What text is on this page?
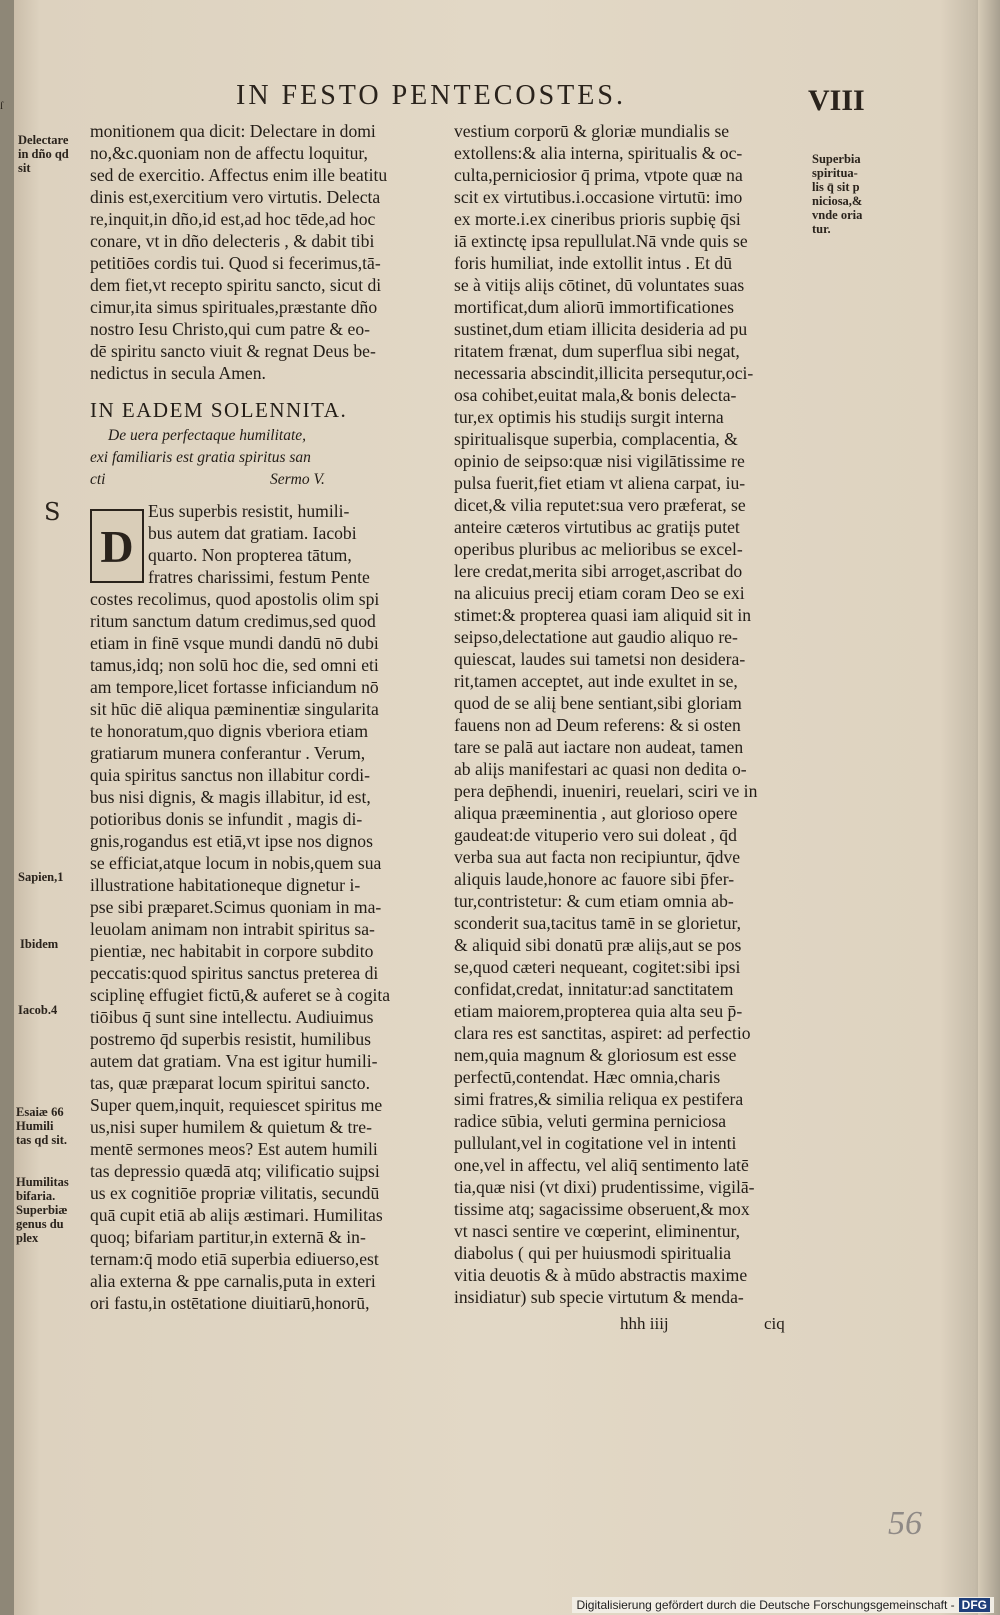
ſ	IN FESTO PENTECOSTES.	VIII
Delectare
in dño qd
sit
S
Sapien,1
Ibidem
Iacob.4
Esaiæ 66
Humili
tas qd sit.
Humilitas
bifaria.
Superbiæ
genus du
plex
monitionem qua dicit: Delectare in domi
no,&c.quoniam non de affectu loquitur,
sed de exercitio. Affectus enim ille beatitu
dinis est,exercitium vero virtutis. Delecta
re,inquit,in dño,id est,ad hoc tēde,ad hoc
conare, vt in dño delecteris , & dabit tibi
petitiōes cordis tui. Quod si fecerimus,tā-
dem fiet,vt recepto spiritu sancto, sicut di
cimur,ita simus spirituales,præstante dño
nostro Iesu Christo,qui cum patre & eo-
dē spiritu sancto viuit & regnat Deus be-
nedictus in secula Amen.
IN EADEM SOLENNITA.
De uera perfectaque humilitate,
exi familiaris est gratia spiritus san
cti	Sermo V.
D
Eus superbis resistit, humili-
bus autem dat gratiam. Iacobi
quarto. Non propterea tātum,
fratres charissimi, festum Pente
costes recolimus, quod apostolis olim spi
ritum sanctum datum credimus,sed quod
etiam in finē vsque mundi dandū nō dubi
tamus,idq; non solū hoc die, sed omni eti
am tempore,licet fortasse inficiandum nō
sit hūc diē aliqua pæminentiæ singularita
te honoratum,quo dignis vberiora etiam
gratiarum munera conferantur . Verum,
quia spiritus sanctus non illabitur cordi-
bus nisi dignis, & magis illabitur, id est,
potioribus donis se infundit , magis di-
gnis,rogandus est etiā,vt ipse nos dignos
se efficiat,atque locum in nobis,quem sua
illustratione habitationeque dignetur i-
pse sibi præparet.Scimus quoniam in ma-
leuolam animam non intrabit spiritus sa-
pientiæ, nec habitabit in corpore subdito
peccatis:quod spiritus sanctus preterea di
sciplinę effugiet fictū,& auferet se à cogita
tiōibus q̄ sunt sine intellectu. Audiuimus
postremo q̄d superbis resistit, humilibus
autem dat gratiam. Vna est igitur humili-
tas, quæ præparat locum spiritui sancto.
Super quem,inquit, requiescet spiritus me
us,nisi super humilem & quietum & tre-
mentē sermones meos? Est autem humili
tas depressio quædā atq; vilificatio suįpsi
us ex cognitiōe propriæ vilitatis, secundū
quā cupit etiā ab aliįs æstimari. Humilitas
quoq; bifariam partitur,in externā & in-
ternam:q̄ modo etiā superbia ediuerso,est
alia externa & ppe carnalis,puta in exteri
ori fastu,in ostētatione diuitiarū,honorū,
vestium corporū & gloriæ mundialis se
extollens:& alia interna, spiritualis & oc-
culta,perniciosior q̄ prima, vtpote quæ na
scit ex virtutibus.i.occasione virtutū: imo
ex morte.i.ex cineribus prioris supbię q̄si
iā extinctę ipsa repullulat.Nā vnde quis se
foris humiliat, inde extollit intus . Et dū
se à vitiįs aliįs cōtinet, dū voluntates suas
mortificat,dum aliorū immortificationes
sustinet,dum etiam illicita desideria ad pu
ritatem frænat, dum superflua sibi negat,
necessaria abscindit,illicita persequtur,oci-
osa cohibet,euitat mala,& bonis delecta-
tur,ex optimis his studiįs surgit interna
spiritualisque superbia, complacentia, &
opinio de seipso:quæ nisi vigilātissime re
pulsa fuerit,fiet etiam vt aliena carpat, iu-
dicet,& vilia reputet:sua vero præferat, se
anteire cæteros virtutibus ac gratiįs putet
operibus pluribus ac melioribus se excel-
lere credat,merita sibi arroget,ascribat do
na alicuius precij etiam coram Deo se exi
stimet:& propterea quasi iam aliquid sit in
seipso,delectatione aut gaudio aliquo re-
quiescat, laudes sui tametsi non desidera-
rit,tamen acceptet, aut inde exultet in se,
quod de se aliį bene sentiant,sibi gloriam
fauens non ad Deum referens: & si osten
tare se palā aut iactare non audeat, tamen
ab aliįs manifestari ac quasi non dedita o-
pera dep̄hendi, inueniri, reuelari, sciri ve in
aliqua præeminentia , aut glorioso opere
gaudeat:de vituperio vero sui doleat , q̄d
verba sua aut facta non recipiuntur, q̄dve
aliquis laude,honore ac fauore sibi p̄fer-
tur,contristetur: & cum etiam omnia ab-
sconderit sua,tacitus tamē in se glorietur,
& aliquid sibi donatū præ aliįs,aut se pos
se,quod cæteri nequeant, cogitet:sibi ipsi
confidat,credat, innitatur:ad sanctitatem
etiam maiorem,propterea quia alta seu p̄-
clara res est sanctitas, aspiret: ad perfectio
nem,quia magnum & gloriosum est esse
perfectū,contendat. Hæc omnia,charis
simi fratres,& similia reliqua ex pestifera
radice sūbia, veluti germina perniciosa
pullulant,vel in cogitatione vel in intenti
one,vel in affectu, vel aliq̄ sentimento latē
tia,quæ nisi (vt dixi) prudentissime, vigilā-
tissime atq; sagacissime obseruent,& mox
vt nasci sentire ve cœperint, eliminentur,
diabolus ( qui per huiusmodi spiritualia
vitia deuotis & à mūdo abstractis maxime
insidiatur) sub specie virtutum & menda-
Superbia
spiritua-
lis q̄ sit p
niciosa,&
vnde oria
tur.
hhh iiij	ciq
56
Digitalisierung gefördert durch die Deutsche Forschungsgemeinschaft - DFG
